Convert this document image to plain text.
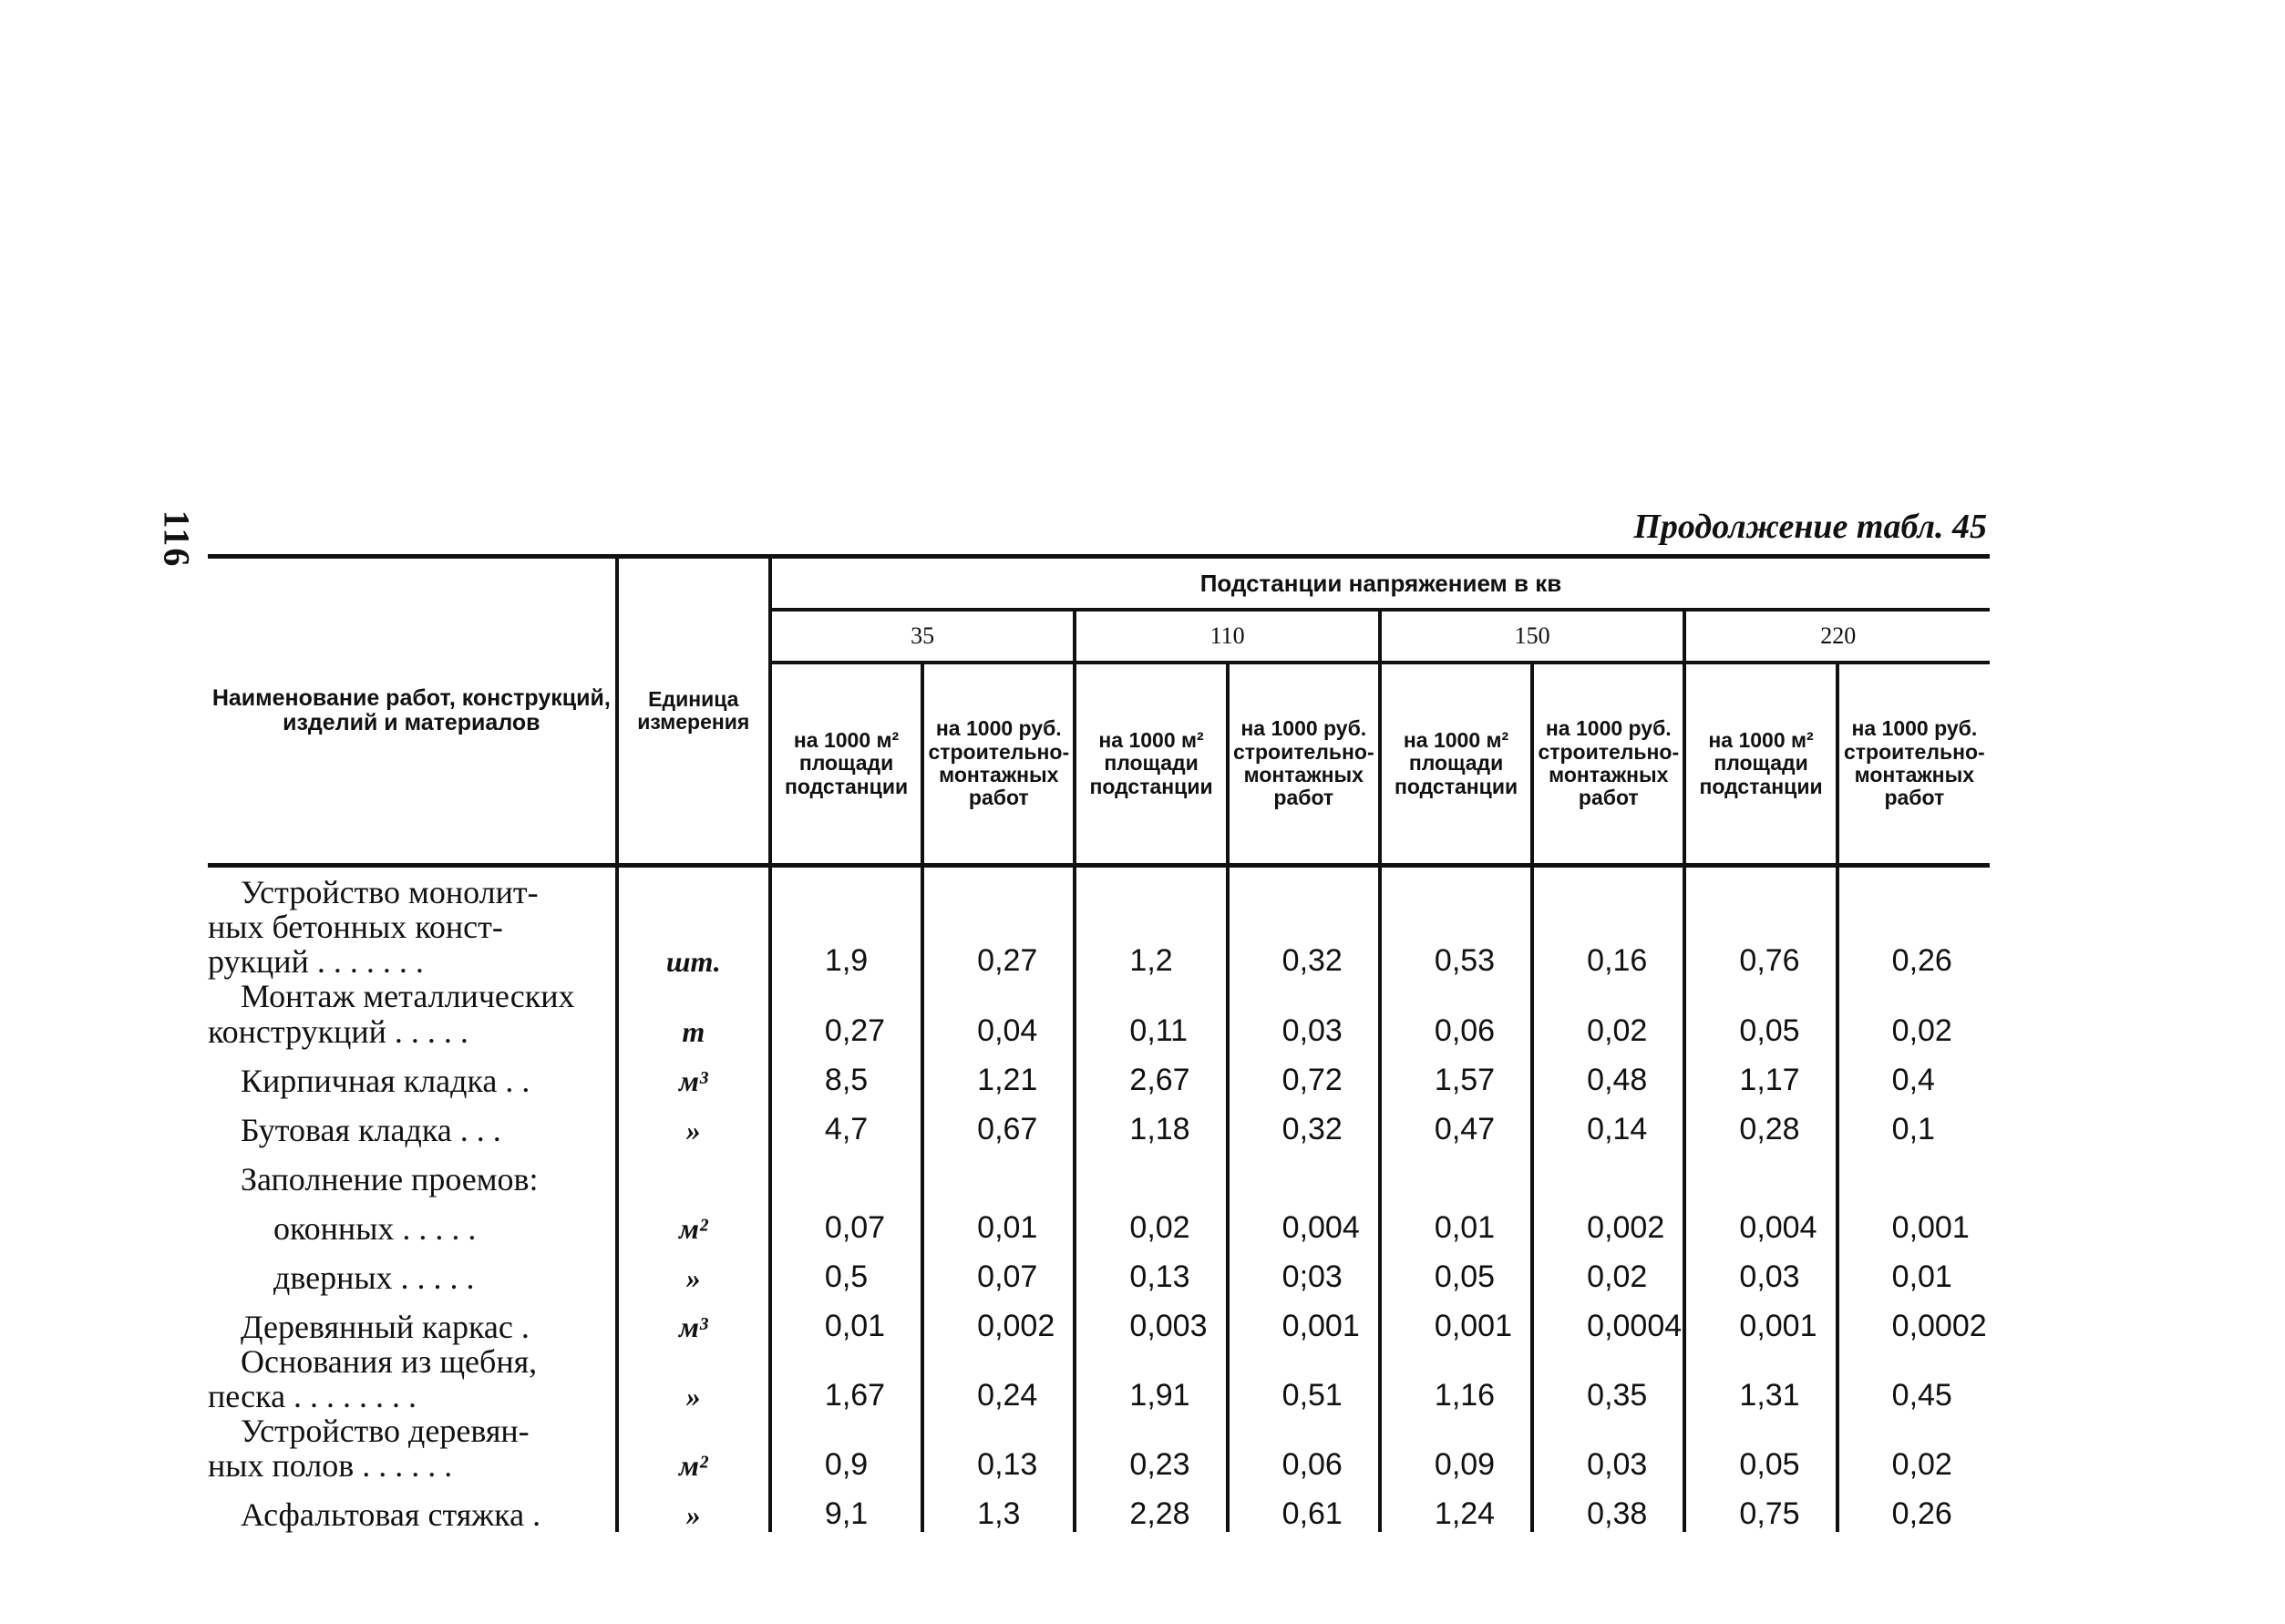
116	Продолжение табл. 45
Наименование работ, конструкций, изделий и материалов	Единица измерения	Подстанции напряжением в кв							
		35		110		150		220	
		на 1000 м² площади подстанции	на 1000 руб. строительно-монтажных работ	на 1000 м² площади подстанции	на 1000 руб. строительно-монтажных работ	на 1000 м² площади подстанции	на 1000 руб. строительно-монтажных работ	на 1000 м² площади подстанции	на 1000 руб. строительно-монтажных работ

Устройство монолит-
ных бетонных конст-
рукций . . . . . . .	шт.	1,9	0,27	1,2	0,32	0,53	0,16	0,76	0,26

Монтаж металлических
конструкций . . . . .	т	0,27	0,04	0,11	0,03	0,06	0,02	0,05	0,02

Кирпичная кладка . .	м³	8,5	1,21	2,67	0,72	1,57	0,48	1,17	0,4

Бутовая кладка . . .	»	4,7	0,67	1,18	0,32	0,47	0,14	0,28	0,1

Заполнение проемов:									

оконных . . . . .	м²	0,07	0,01	0,02	0,004	0,01	0,002	0,004	0,001

дверных . . . . .	»	0,5	0,07	0,13	0;03	0,05	0,02	0,03	0,01

Деревянный каркас .	м³	0,01	0,002	0,003	0,001	0,001	0,0004	0,001	0,0002

Основания из щебня,
песка . . . . . . . .	»	1,67	0,24	1,91	0,51	1,16	0,35	1,31	0,45

Устройство деревян-
ных полов . . . . . .	м²	0,9	0,13	0,23	0,06	0,09	0,03	0,05	0,02

Асфальтовая стяжка .	»	9,1	1,3	2,28	0,61	1,24	0,38	0,75	0,26
